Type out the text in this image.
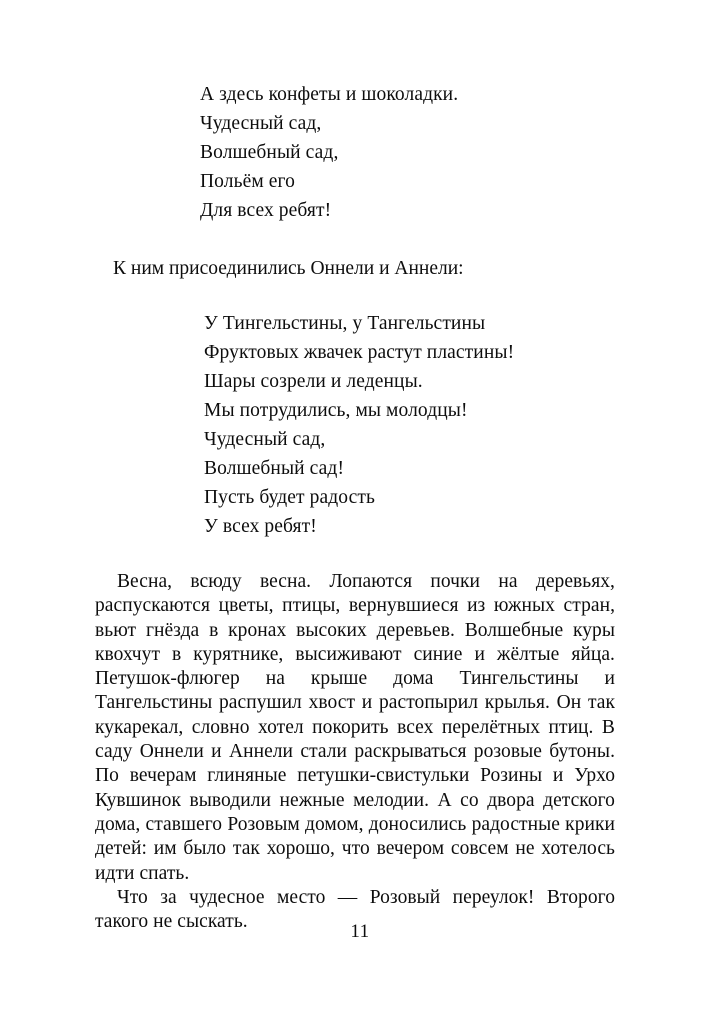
А здесь конфеты и шоколадки.
Чудесный сад,
Волшебный сад,
Польём его
Для всех ребят!

К ним присоединились Оннели и Аннели:

У Тингельстины, у Тангельстины
Фруктовых жвачек растут пластины!
Шары созрели и леденцы.
Мы потрудились, мы молодцы!
Чудесный сад,
Волшебный сад!
Пусть будет радость
У всех ребят!

Весна, всюду весна. Лопаются почки на деревьях, распускаются цветы, птицы, вернувшиеся из южных стран, вьют гнёзда в кронах высоких деревьев. Волшебные куры квохчут в курятнике, высиживают синие и жёлтые яйца. Петушок-флюгер на крыше дома Тингельстины и Тангельстины распушил хвост и растопырил крылья. Он так кукарекал, словно хотел покорить всех перелётных птиц. В саду Оннели и Аннели стали раскрываться розовые бутоны. По вечерам глиняные петушки-свистульки Розины и Урхо Кувшинок выводили нежные мелодии. А со двора детского дома, ставшего Розовым домом, доносились радостные крики детей: им было так хорошо, что вечером совсем не хотелось идти спать.

Что за чудесное место — Розовый переулок! Второго такого не сыскать.	11
